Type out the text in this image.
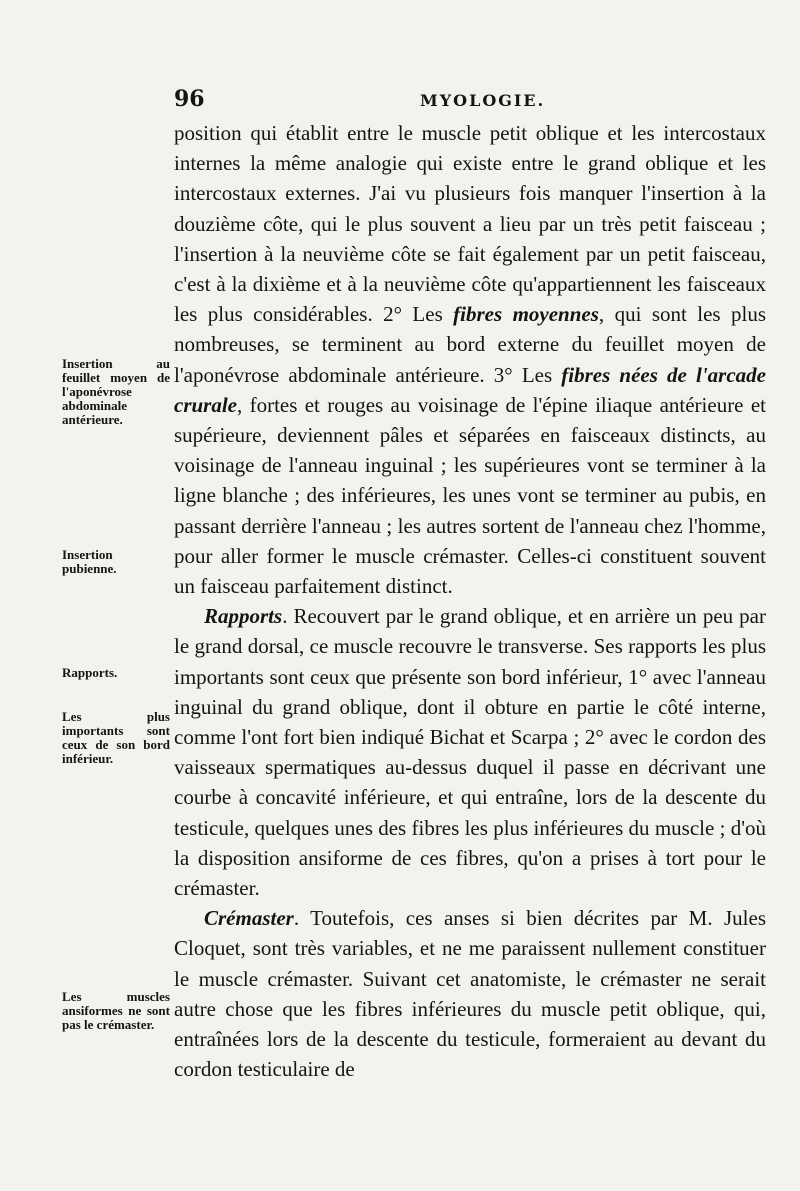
96	MYOLOGIE.
Insertion au feuillet moyen de l'aponévrose abdominale antérieure.
Insertion pubienne.
Rapports.
Les plus importants sont ceux de son bord inférieur.
Les muscles ansiformes ne sont pas le crémaster.

position qui établit entre le muscle petit oblique et les intercostaux internes la même analogie qui existe entre le grand oblique et les intercostaux externes. J'ai vu plusieurs fois manquer l'insertion à la douzième côte, qui le plus souvent a lieu par un très petit faisceau ; l'insertion à la neuvième côte se fait également par un petit faisceau, c'est à la dixième et à la neuvième côte qu'appartiennent les faisceaux les plus considérables. 2° Les fibres moyennes, qui sont les plus nombreuses, se terminent au bord externe du feuillet moyen de l'aponévrose abdominale antérieure. 3° Les fibres nées de l'arcade crurale, fortes et rouges au voisinage de l'épine iliaque antérieure et supérieure, deviennent pâles et séparées en faisceaux distincts, au voisinage de l'anneau inguinal ; les supérieures vont se terminer à la ligne blanche ; des inférieures, les unes vont se terminer au pubis, en passant derrière l'anneau ; les autres sortent de l'anneau chez l'homme, pour aller former le muscle crémaster. Celles-ci constituent souvent un faisceau parfaitement distinct.

Rapports. Recouvert par le grand oblique, et en arrière un peu par le grand dorsal, ce muscle recouvre le transverse. Ses rapports les plus importants sont ceux que présente son bord inférieur, 1° avec l'anneau inguinal du grand oblique, dont il obture en partie le côté interne, comme l'ont fort bien indiqué Bichat et Scarpa ; 2° avec le cordon des vaisseaux spermatiques au-dessus duquel il passe en décrivant une courbe à concavité inférieure, et qui entraîne, lors de la descente du testicule, quelques unes des fibres les plus inférieures du muscle ; d'où la disposition ansiforme de ces fibres, qu'on a prises à tort pour le crémaster.

Crémaster. Toutefois, ces anses si bien décrites par M. Jules Cloquet, sont très variables, et ne me paraissent nullement constituer le muscle crémaster. Suivant cet anatomiste, le crémaster ne serait autre chose que les fibres inférieures du muscle petit oblique, qui, entraînées lors de la descente du testicule, formeraient au devant du cordon testiculaire de
